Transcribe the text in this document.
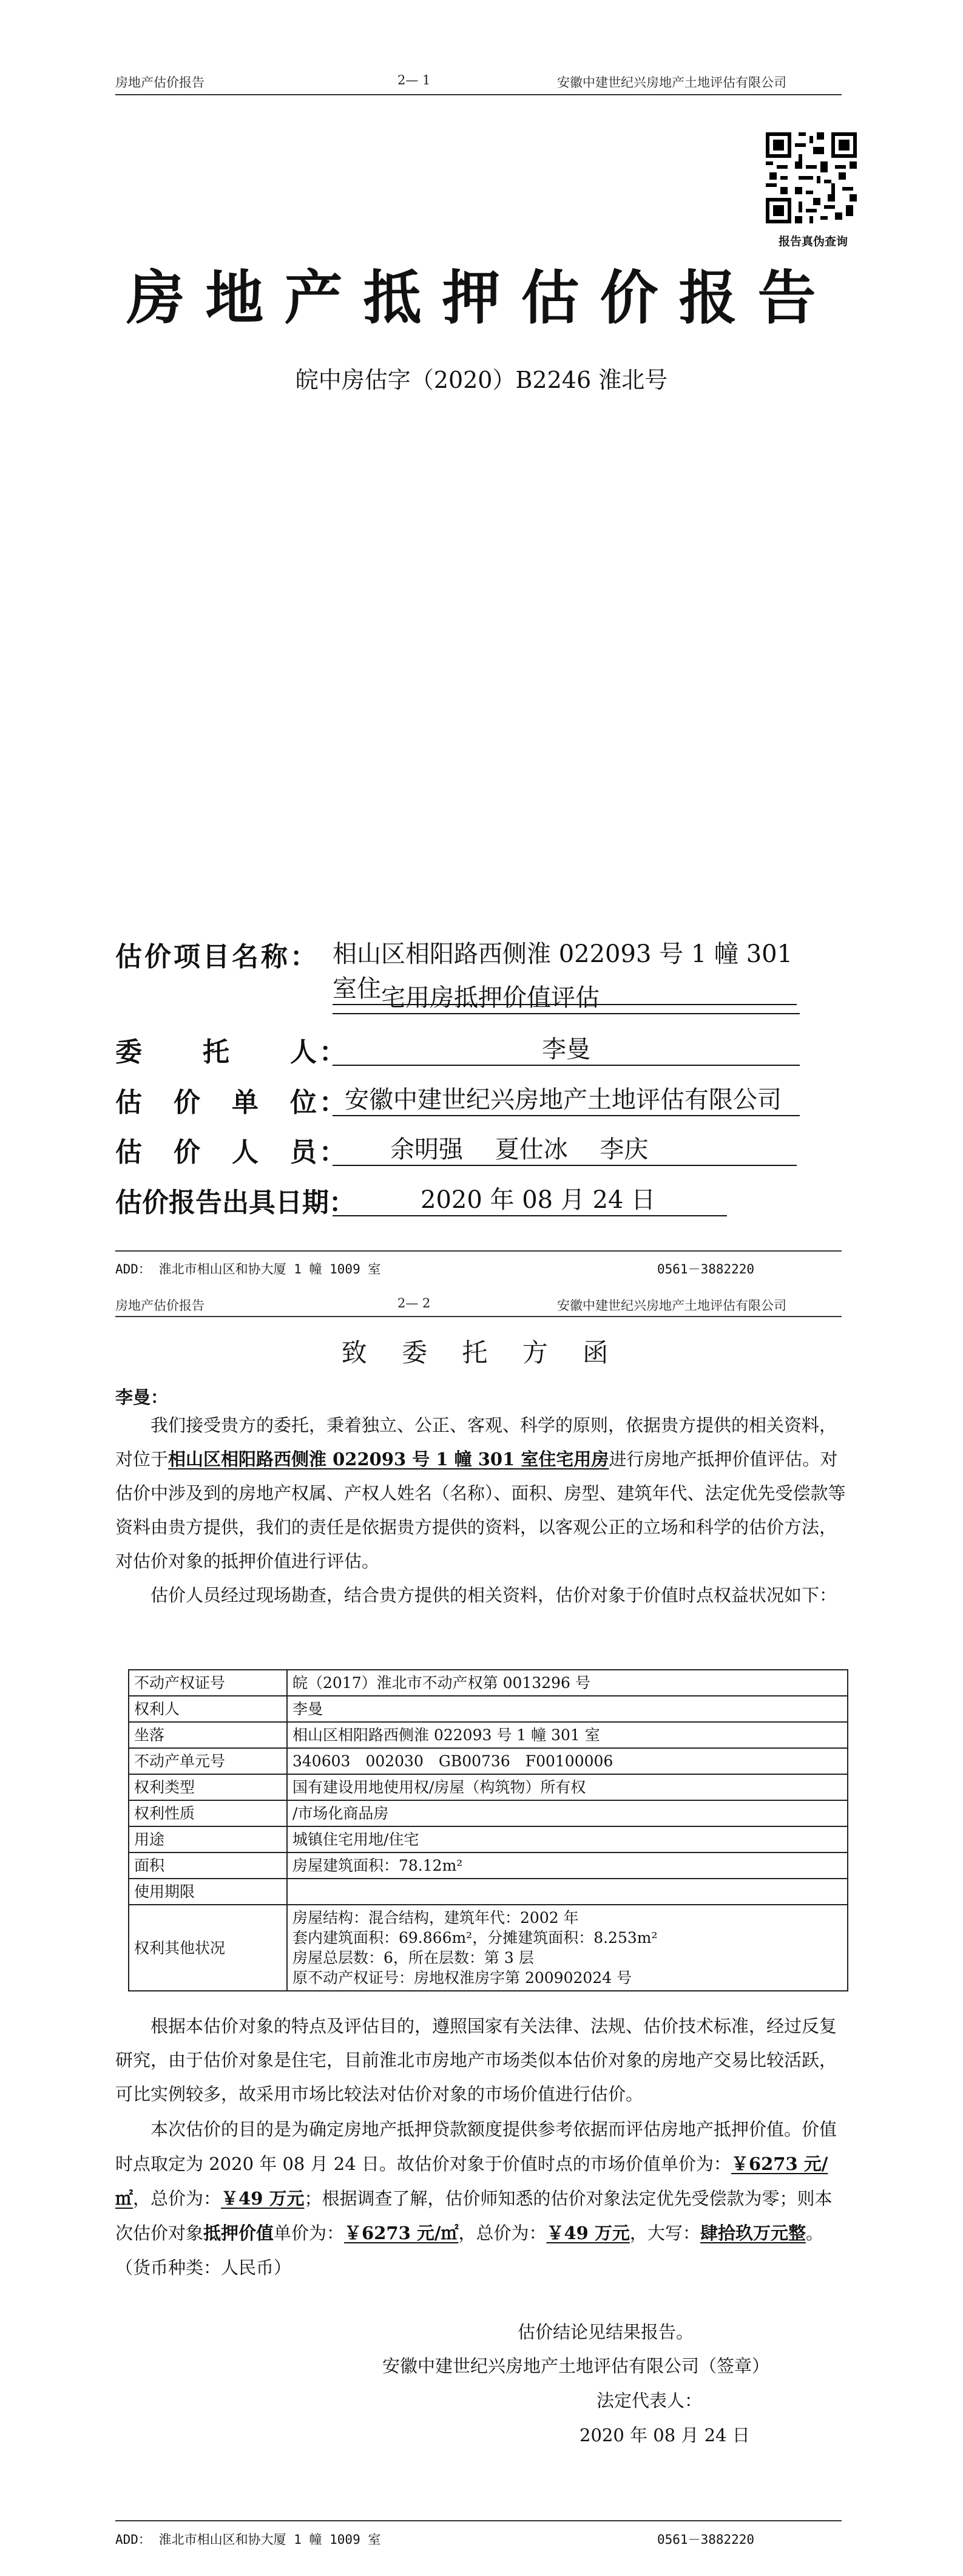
房地产估价报告	2— 1	安徽中建世纪兴房地产土地评估有限公司
报告真伪查询
房地产抵押估价报告
皖中房估字（2020）B2246 淮北号
估价项目名称： 相山区相阳路西侧淮 022093 号 1 幢 301 室住 宅用房抵押价值评估
委　　托　　人：	李曼
估　价　单　位：
安徽中建世纪兴房地产土地评估有限公司
估　价　人　员：	余明强　 夏仕冰　 李庆
估价报告出具日期：	2020 年 08 月 24 日
ADD： 淮北市相山区和协大厦 1 幢 1009 室	0561－3882220
房地产估价报告	2— 2	安徽中建世纪兴房地产土地评估有限公司
致 委 托 方 函
李曼：
我们接受贵方的委托，秉着独立、公正、客观、科学的原则，依据贵方提供的相关资料，对位于相山区相阳路西侧淮 022093 号 1 幢 301 室住宅用房进行房地产抵押价值评估。对估价中涉及到的房地产权属、产权人姓名（名称）、面积、房型、建筑年代、法定优先受偿款等资料由贵方提供，我们的责任是依据贵方提供的资料，以客观公正的立场和科学的估价方法，对估价对象的抵押价值进行评估。
估价人员经过现场勘查，结合贵方提供的相关资料，估价对象于价值时点权益状况如下：
不动产权证号	皖（2017）淮北市不动产权第 0013296 号

权利人	李曼

坐落	相山区相阳路西侧淮 022093 号 1 幢 301 室

不动产单元号	340603　002030　GB00736　F00100006

权利类型	国有建设用地使用权/房屋（构筑物）所有权

权利性质	/市场化商品房

用途	城镇住宅用地/住宅

面积	房屋建筑面积：78.12m²

使用期限	

权利其他状况	房屋结构：混合结构，建筑年代：2002 年
套内建筑面积：69.866m²，分摊建筑面积：8.253m²
房屋总层数：6，所在层数：第 3 层
原不动产权证号：房地权淮房字第 200902024 号
根据本估价对象的特点及评估目的，遵照国家有关法律、法规、估价技术标准，经过反复研究，由于估价对象是住宅，目前淮北市房地产市场类似本估价对象的房地产交易比较活跃，可比实例较多，故采用市场比较法对估价对象的市场价值进行估价。
本次估价的目的是为确定房地产抵押贷款额度提供参考依据而评估房地产抵押价值。价值时点取定为 2020 年 08 月 24 日。故估价对象于价值时点的市场价值单价为：￥6273 元/㎡，总价为：￥49 万元；根据调查了解，估价师知悉的估价对象法定优先受偿款为零；则本次估价对象抵押价值单价为：￥6273 元/㎡，总价为：￥49 万元，大写：肆拾玖万元整。（货币种类：人民币）
估价结论见结果报告。
安徽中建世纪兴房地产土地评估有限公司（签章）
法定代表人：
2020 年 08 月 24 日
ADD： 淮北市相山区和协大厦 1 幢 1009 室	0561－3882220
